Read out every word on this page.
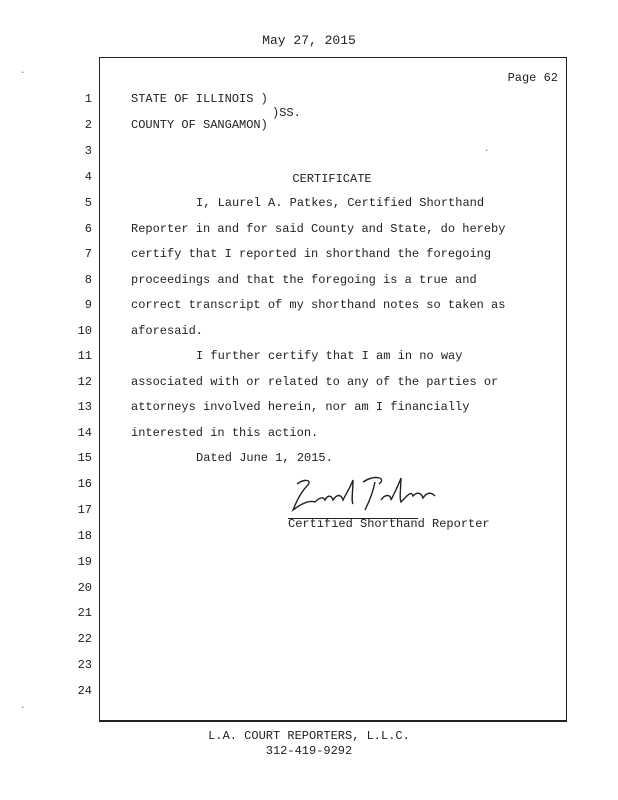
May 27, 2015
Page 62
1
2
3
4
5
6
7
8
9
10
11
12
13
14
15
16
17
18
19
20
21
22
23
24
STATE OF ILLINOIS )
)SS.
COUNTY OF SANGAMON)
CERTIFICATE
I, Laurel A. Patkes, Certified Shorthand
Reporter in and for said County and State, do hereby
certify that I reported in shorthand the foregoing
proceedings and that the foregoing is a true and
correct transcript of my shorthand notes so taken as
aforesaid.
I further certify that I am in no way
associated with or related to any of the parties or
attorneys involved herein, nor am I financially
interested in this action.
Dated June 1, 2015.
Certified Shorthand Reporter
L.A. COURT REPORTERS, L.L.C.
312-419-9292
·
·
·
